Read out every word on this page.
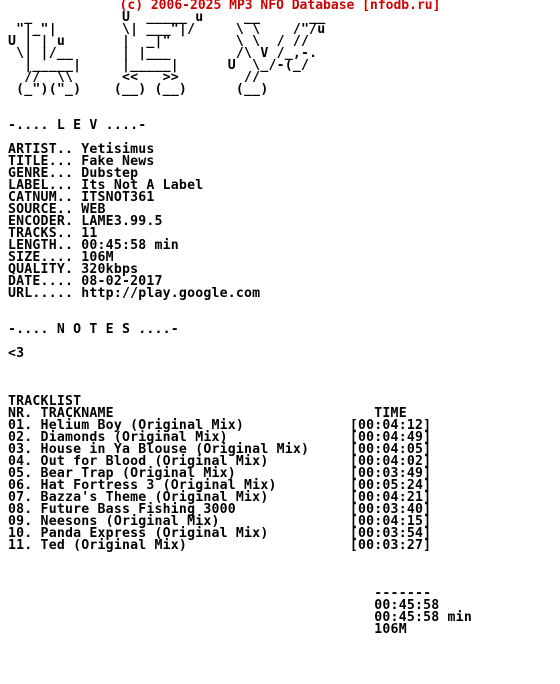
(c) 2006-2025 MP3 NFO Database [nfodb.ru]
_           U  _____ u     __      __
"|_"|        \| ___"|/     \ \    /"/u
U | | u       |  _|"        \ \  / //
\| |/__      | |___        /\ V /_,-.
|_____|     |_____|      U  \_/-(_/
//  \\      <<   >>        //
(_")("_)    (__) (__)      (__)
-.... L E V ....-
ARTIST.. Yetisimus
TITLE... Fake News
GENRE... Dubstep
LABEL... Its Not A Label
CATNUM.. ITSNOT361
SOURCE.. WEB
ENCODER. LAME3.99.5
TRACKS.. 11
LENGTH.. 00:45:58 min
SIZE.... 106M
QUALITY. 320kbps
DATE.... 08-02-2017
URL..... http://play.google.com
-.... N O T E S ....-
<3
TRACKLIST
NR. TRACKNAME                                TIME
01. Helium Boy (Original Mix)             [00:04:12]
02. Diamonds (Original Mix)               [00:04:49]
03. House in Ya Blouse (Original Mix)     [00:04:05]
04. Out for Blood (Original Mix)          [00:04:02]
05. Bear Trap (Original Mix)              [00:03:49]
06. Hat Fortress 3 (Original Mix)         [00:05:24]
07. Bazza's Theme (Original Mix)          [00:04:21]
08. Future Bass Fishing 3000              [00:03:40]
09. Neesons (Original Mix)                [00:04:15]
10. Panda Express (Original Mix)          [00:03:54]
11. Ted (Original Mix)                    [00:03:27]
-------
00:45:58
00:45:58 min
106M
